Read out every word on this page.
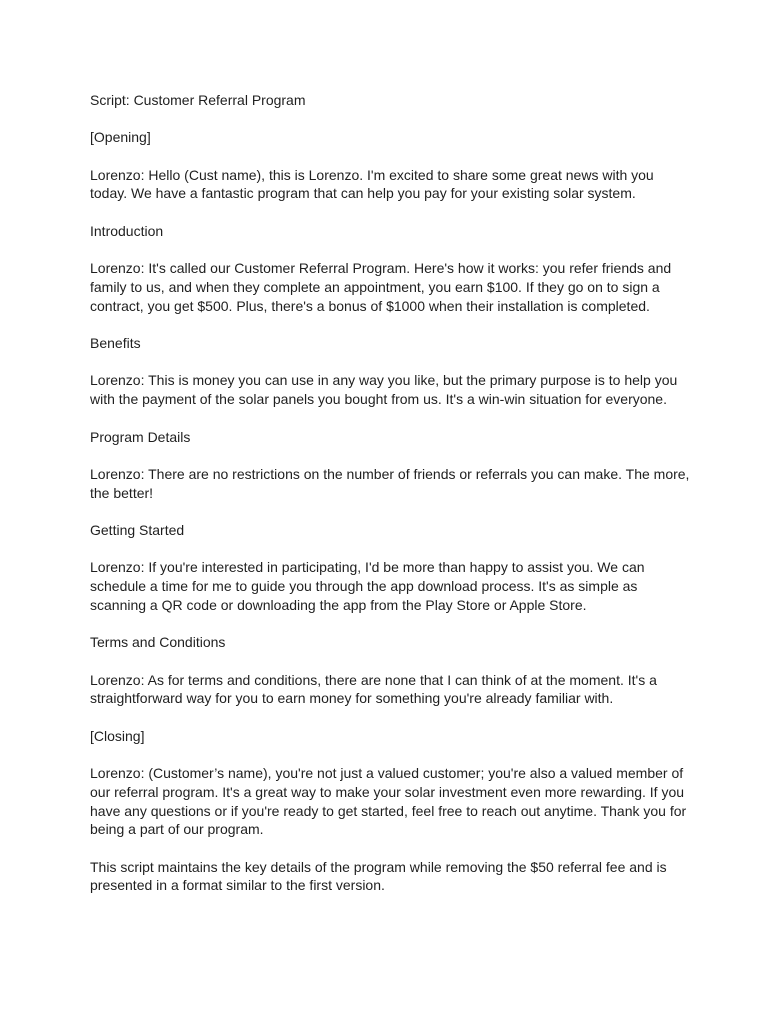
Script: Customer Referral Program

[Opening]

Lorenzo: Hello (Cust name), this is Lorenzo. I'm excited to share some great news with you today. We have a fantastic program that can help you pay for your existing solar system.

Introduction

Lorenzo: It's called our Customer Referral Program. Here's how it works: you refer friends and family to us, and when they complete an appointment, you earn $100. If they go on to sign a contract, you get $500. Plus, there's a bonus of $1000 when their installation is completed.

Benefits

Lorenzo: This is money you can use in any way you like, but the primary purpose is to help you with the payment of the solar panels you bought from us. It's a win-win situation for everyone.

Program Details

Lorenzo: There are no restrictions on the number of friends or referrals you can make. The more, the better!

Getting Started

Lorenzo: If you're interested in participating, I'd be more than happy to assist you. We can schedule a time for me to guide you through the app download process. It's as simple as scanning a QR code or downloading the app from the Play Store or Apple Store.

Terms and Conditions

Lorenzo: As for terms and conditions, there are none that I can think of at the moment. It's a straightforward way for you to earn money for something you're already familiar with.

[Closing]

Lorenzo: (Customer’s name), you're not just a valued customer; you're also a valued member of our referral program. It's a great way to make your solar investment even more rewarding. If you have any questions or if you're ready to get started, feel free to reach out anytime. Thank you for being a part of our program.

This script maintains the key details of the program while removing the $50 referral fee and is presented in a format similar to the first version.
